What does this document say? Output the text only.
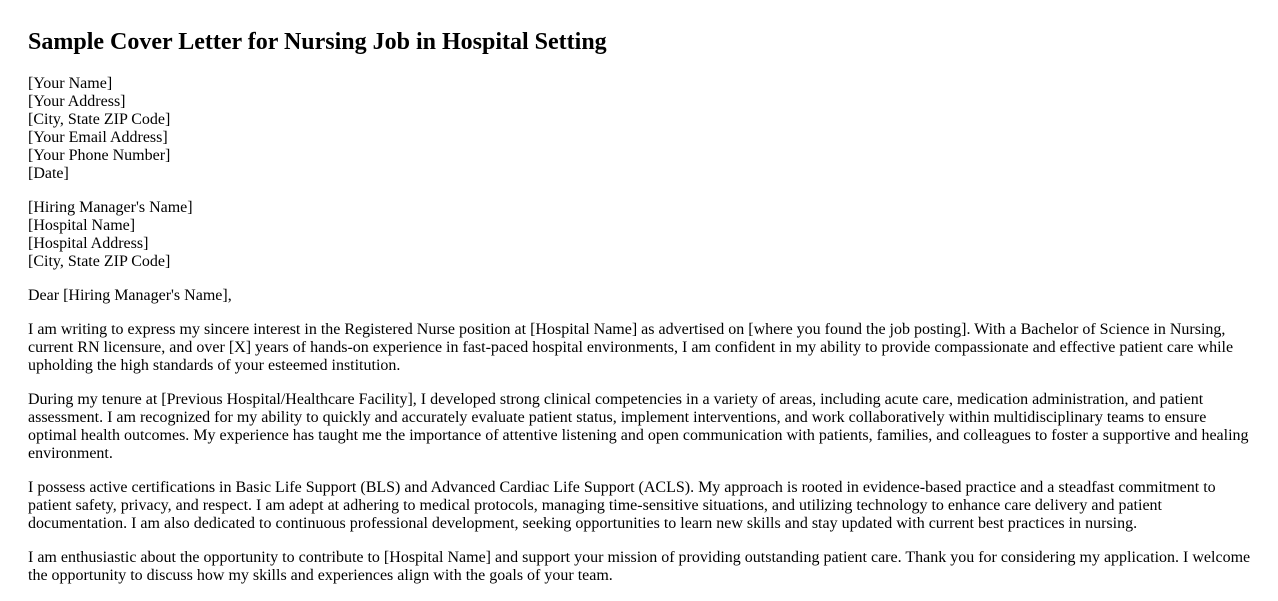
Sample Cover Letter for Nursing Job in Hospital Setting
[Your Name]
[Your Address]
[City, State ZIP Code]
[Your Email Address]
[Your Phone Number]
[Date]
[Hiring Manager's Name]
[Hospital Name]
[Hospital Address]
[City, State ZIP Code]
Dear [Hiring Manager's Name],

I am writing to express my sincere interest in the Registered Nurse position at [Hospital Name] as advertised on [where you found the job posting]. With a Bachelor of Science in Nursing, current RN licensure, and over [X] years of hands-on experience in fast-paced hospital environments, I am confident in my ability to provide compassionate and effective patient care while upholding the high standards of your esteemed institution.

During my tenure at [Previous Hospital/Healthcare Facility], I developed strong clinical competencies in a variety of areas, including acute care, medication administration, and patient assessment. I am recognized for my ability to quickly and accurately evaluate patient status, implement interventions, and work collaboratively within multidisciplinary teams to ensure optimal health outcomes. My experience has taught me the importance of attentive listening and open communication with patients, families, and colleagues to foster a supportive and healing environment.

I possess active certifications in Basic Life Support (BLS) and Advanced Cardiac Life Support (ACLS). My approach is rooted in evidence-based practice and a steadfast commitment to patient safety, privacy, and respect. I am adept at adhering to medical protocols, managing time-sensitive situations, and utilizing technology to enhance care delivery and patient documentation. I am also dedicated to continuous professional development, seeking opportunities to learn new skills and stay updated with current best practices in nursing.

I am enthusiastic about the opportunity to contribute to [Hospital Name] and support your mission of providing outstanding patient care. Thank you for considering my application. I welcome the opportunity to discuss how my skills and experiences align with the goals of your team.
